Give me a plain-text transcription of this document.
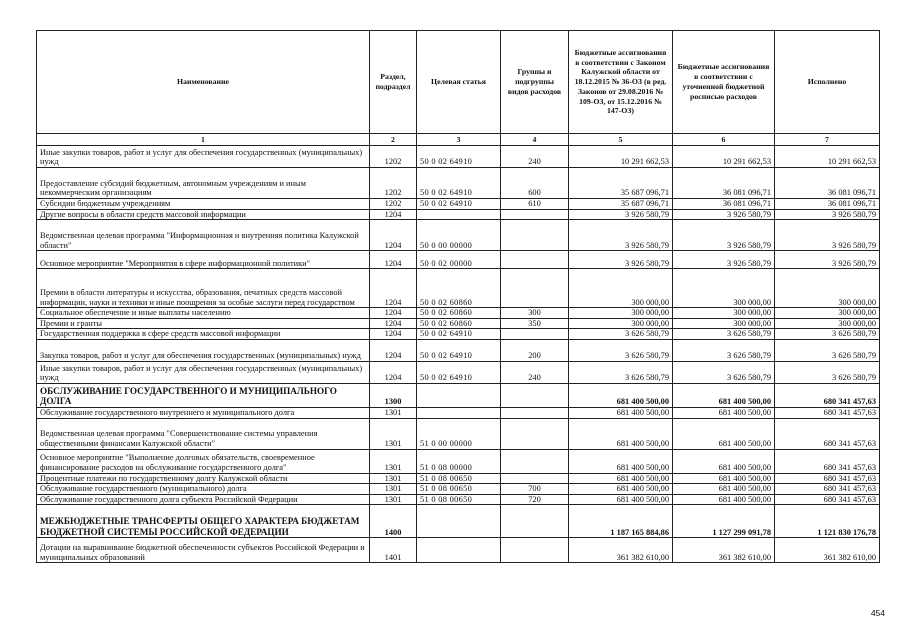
Наименование	Раздел, подраздел	Целевая статья	Группы и подгруппы видов расходов	Бюджетные ассигнования в соответствии с Законом Калужской области от 18.12.2015 № 36-ОЗ (в ред. Законов от 29.08.2016 № 109-ОЗ, от 15.12.2016 № 147-ОЗ)	Бюджетные ассигнования в соответствии с уточненной бюджетной росписью расходов	Исполнено
1	2	3	4	5	6	7
Иные закупки товаров, работ и услуг для обеспечения государственных (муниципальных) нужд	1202	50 0 02 64910	240	10 291 662,53	10 291 662,53	10 291 662,53
Предоставление субсидий бюджетным, автономным учреждениям и иным некоммерческим организациям	1202	50 0 02 64910	600	35 687 096,71	36 081 096,71	36 081 096,71
Субсидии бюджетным учреждениям	1202	50 0 02 64910	610	35 687 096,71	36 081 096,71	36 081 096,71
Другие вопросы в области средств массовой информации	1204			3 926 580,79	3 926 580,79	3 926 580,79
Ведомственная целевая программа "Информационная и внутренняя политика Калужской области"	1204	50 0 00 00000		3 926 580,79	3 926 580,79	3 926 580,79
Основное мероприятие "Мероприятия в сфере информационной политики"	1204	50 0 02 00000		3 926 580,79	3 926 580,79	3 926 580,79
Премии в области литературы и искусства, образования, печатных средств массовой информации, науки и техники и иные поощрения за особые заслуги перед государством	1204	50 0 02 60860		300 000,00	300 000,00	300 000,00
Социальное обеспечение и иные выплаты населению	1204	50 0 02 60860	300	300 000,00	300 000,00	300 000,00
Премии и гранты	1204	50 0 02 60860	350	300 000,00	300 000,00	300 000,00
Государственная поддержка в сфере средств массовой информации	1204	50 0 02 64910		3 626 580,79	3 626 580,79	3 626 580,79
Закупка товаров, работ и услуг для обеспечения государственных (муниципальных) нужд	1204	50 0 02 64910	200	3 626 580,79	3 626 580,79	3 626 580,79
Иные закупки товаров, работ и услуг для обеспечения государственных (муниципальных) нужд	1204	50 0 02 64910	240	3 626 580,79	3 626 580,79	3 626 580,79
ОБСЛУЖИВАНИЕ ГОСУДАРСТВЕННОГО И МУНИЦИПАЛЬНОГО ДОЛГА	1300			681 400 500,00	681 400 500,00	680 341 457,63
Обслуживание государственного внутреннего и муниципального долга	1301			681 400 500,00	681 400 500,00	680 341 457,63
Ведомственная целевая программа "Совершенствование системы управления общественными финансами Калужской области"	1301	51 0 00 00000		681 400 500,00	681 400 500,00	680 341 457,63
Основное мероприятие "Выполнение долговых обязательств, своевременное финансирование расходов на обслуживание государственного долга"	1301	51 0 08 00000		681 400 500,00	681 400 500,00	680 341 457,63
Процентные платежи по государственному долгу Калужской области	1301	51 0 08 00650		681 400 500,00	681 400 500,00	680 341 457,63
Обслуживание государственного (муниципального) долга	1301	51 0 08 00650	700	681 400 500,00	681 400 500,00	680 341 457,63
Обслуживание государственного долга субъекта Российской Федерации	1301	51 0 08 00650	720	681 400 500,00	681 400 500,00	680 341 457,63
МЕЖБЮДЖЕТНЫЕ ТРАНСФЕРТЫ ОБЩЕГО ХАРАКТЕРА БЮДЖЕТАМ БЮДЖЕТНОЙ СИСТЕМЫ РОССИЙСКОЙ ФЕДЕРАЦИИ	1400			1 187 165 884,86	1 127 299 091,78	1 121 830 176,78
Дотации на выравнивание бюджетной обеспеченности субъектов Российской Федерации и муниципальных образований	1401			361 382 610,00	361 382 610,00	361 382 610,00
454
